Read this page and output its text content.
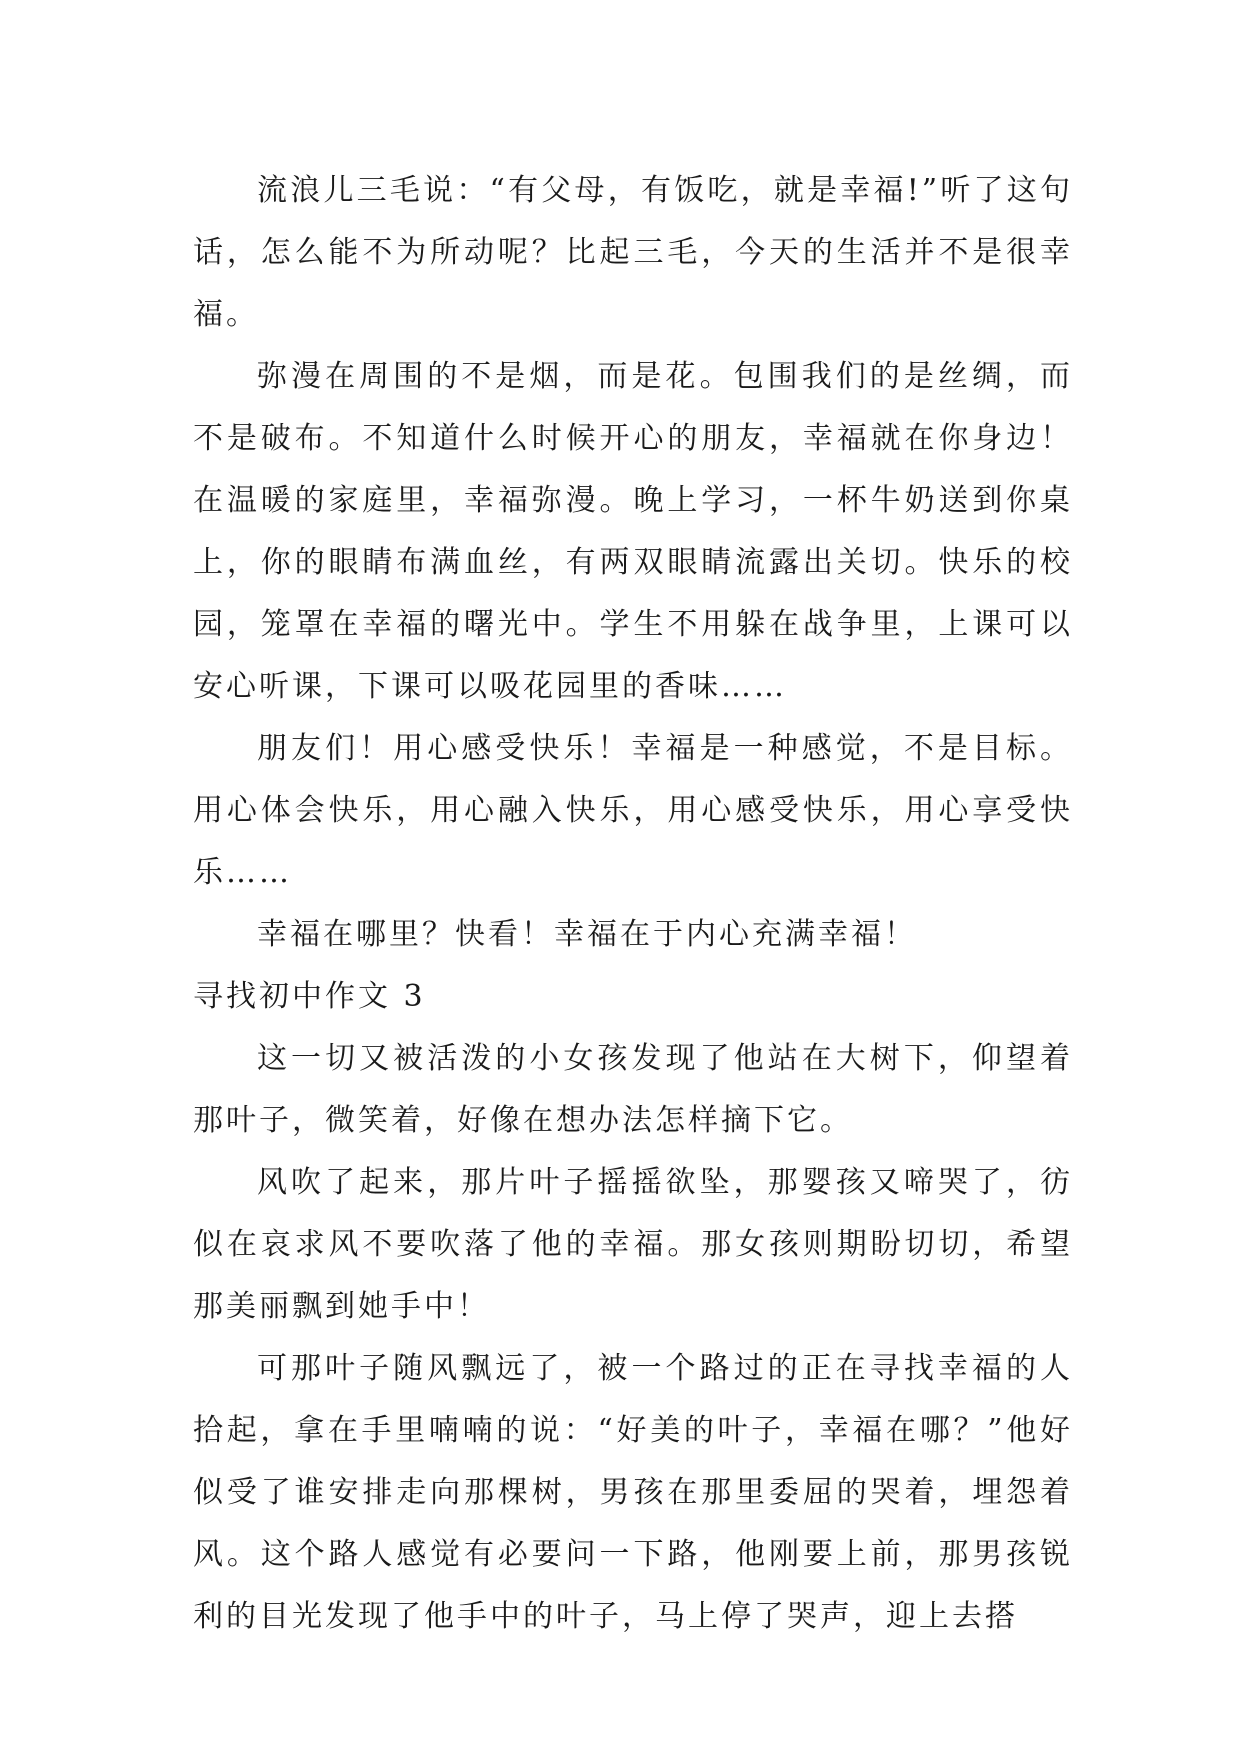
流浪儿三毛说：“有父母，有饭吃，就是幸福!”听了这句话，怎么能不为所动呢？比起三毛，今天的生活并不是很幸福。

弥漫在周围的不是烟，而是花。包围我们的是丝绸，而不是破布。不知道什么时候开心的朋友，幸福就在你身边！在温暖的家庭里，幸福弥漫。晚上学习，一杯牛奶送到你桌上，你的眼睛布满血丝，有两双眼睛流露出关切。快乐的校园，笼罩在幸福的曙光中。学生不用躲在战争里，上课可以安心听课，下课可以吸花园里的香味……

朋友们！用心感受快乐！幸福是一种感觉，不是目标。用心体会快乐，用心融入快乐，用心感受快乐，用心享受快乐……

幸福在哪里？快看！幸福在于内心充满幸福！

寻找初中作文 3

这一切又被活泼的小女孩发现了他站在大树下，仰望着那叶子，微笑着，好像在想办法怎样摘下它。

风吹了起来，那片叶子摇摇欲坠，那婴孩又啼哭了，彷似在哀求风不要吹落了他的幸福。那女孩则期盼切切，希望那美丽飘到她手中！

可那叶子随风飘远了，被一个路过的正在寻找幸福的人拾起，拿在手里喃喃的说：“好美的叶子，幸福在哪？”他好似受了谁安排走向那棵树，男孩在那里委屈的哭着，埋怨着风。这个路人感觉有必要问一下路，他刚要上前，那男孩锐利的目光发现了他手中的叶子，马上停了哭声，迎上去搭
